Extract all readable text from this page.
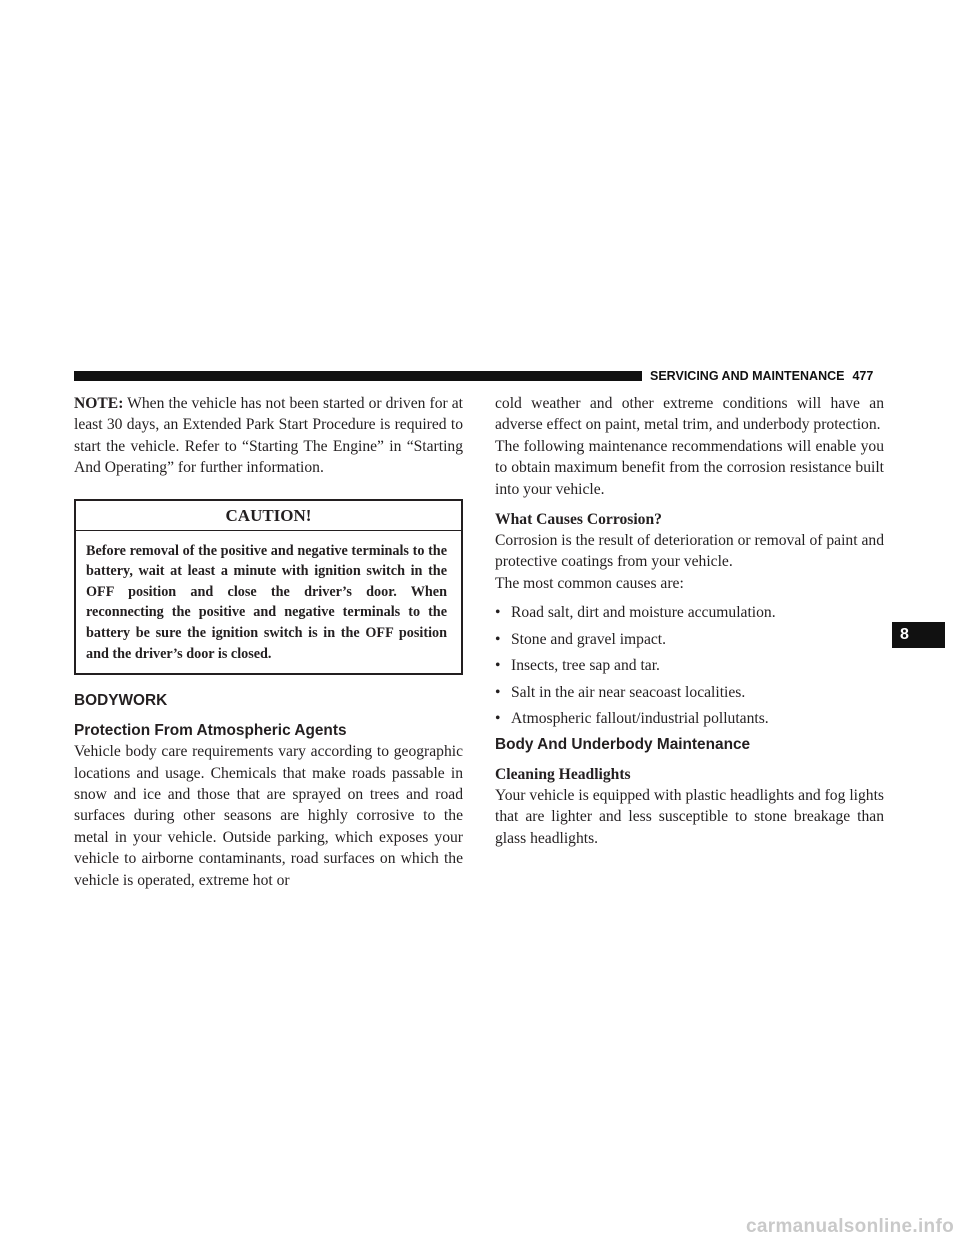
SERVICING AND MAINTENANCE 477

NOTE: When the vehicle has not been started or driven for at least 30 days, an Extended Park Start Procedure is required to start the vehicle. Refer to “Starting The Engine” in “Starting And Operating” for further information.

CAUTION!
Before removal of the positive and negative terminals to the battery, wait at least a minute with ignition switch in the OFF position and close the driver’s door. When reconnecting the positive and negative terminals to the battery be sure the ignition switch is in the OFF position and the driver’s door is closed.
BODYWORK
Protection From Atmospheric Agents

Vehicle body care requirements vary according to geographic locations and usage. Chemicals that make roads passable in snow and ice and those that are sprayed on trees and road surfaces during other seasons are highly corrosive to the metal in your vehicle. Outside parking, which exposes your vehicle to airborne contaminants, road surfaces on which the vehicle is operated, extreme hot or

cold weather and other extreme conditions will have an adverse effect on paint, metal trim, and underbody protection.

The following maintenance recommendations will enable you to obtain maximum benefit from the corrosion resistance built into your vehicle.

What Causes Corrosion?

Corrosion is the result of deterioration or removal of paint and protective coatings from your vehicle.

The most common causes are:

• Road salt, dirt and moisture accumulation.
• Stone and gravel impact.
• Insects, tree sap and tar.
• Salt in the air near seacoast localities.
• Atmospheric fallout/industrial pollutants.
Body And Underbody Maintenance
Cleaning Headlights

Your vehicle is equipped with plastic headlights and fog lights that are lighter and less susceptible to stone breakage than glass headlights.

8
carmanualsonline.info
